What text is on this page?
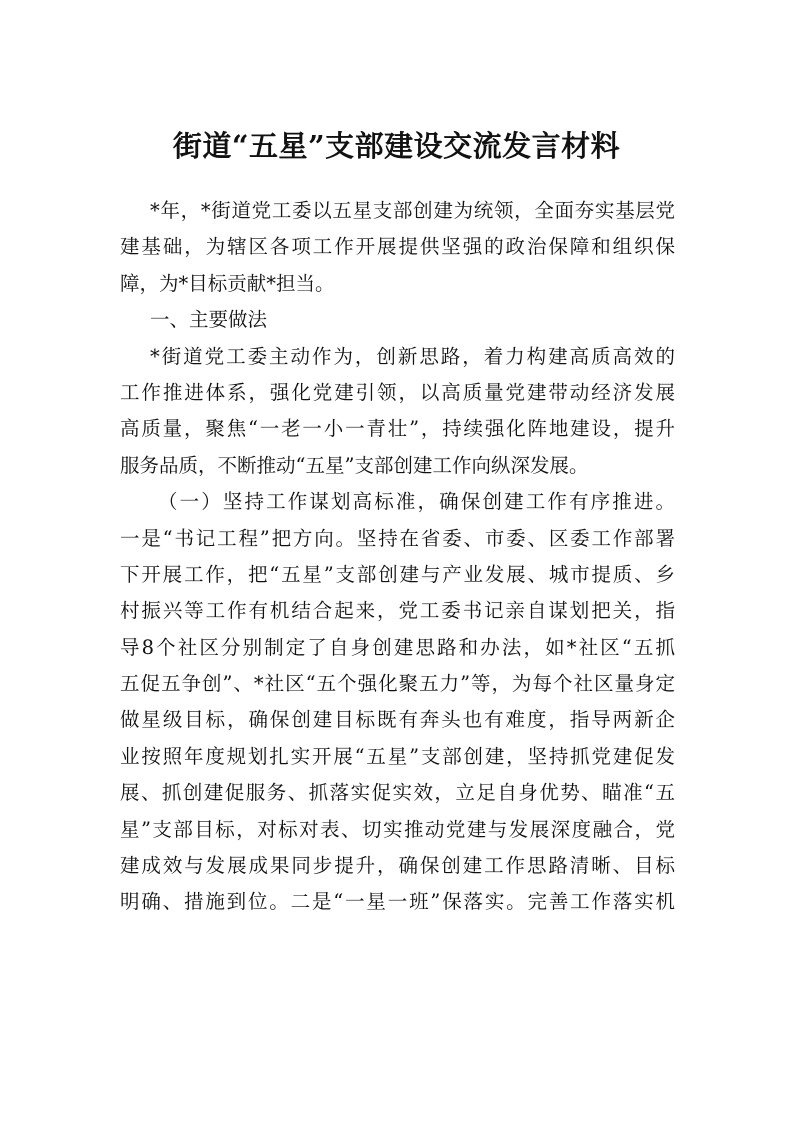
街道“五星”支部建设交流发言材料
*年，*街道党工委以五星支部创建为统领，全面夯实基层党
建基础，为辖区各项工作开展提供坚强的政治保障和组织保
障，为*目标贡献*担当。
一、主要做法
*街道党工委主动作为，创新思路，着力构建高质高效的
工作推进体系，强化党建引领，以高质量党建带动经济发展
高质量，聚焦“一老一小一青壮”，持续强化阵地建设，提升
服务品质，不断推动“五星”支部创建工作向纵深发展。
（一）坚持工作谋划高标准，确保创建工作有序推进。
一是“书记工程”把方向。坚持在省委、市委、区委工作部署
下开展工作，把“五星”支部创建与产业发展、城市提质、乡
村振兴等工作有机结合起来，党工委书记亲自谋划把关，指
导8个社区分别制定了自身创建思路和办法，如*社区“五抓
五促五争创”、*社区“五个强化聚五力”等，为每个社区量身定
做星级目标，确保创建目标既有奔头也有难度，指导两新企
业按照年度规划扎实开展“五星”支部创建，坚持抓党建促发
展、抓创建促服务、抓落实促实效，立足自身优势、瞄准“五
星”支部目标，对标对表、切实推动党建与发展深度融合，党
建成效与发展成果同步提升，确保创建工作思路清晰、目标
明确、措施到位。二是“一星一班”保落实。完善工作落实机
